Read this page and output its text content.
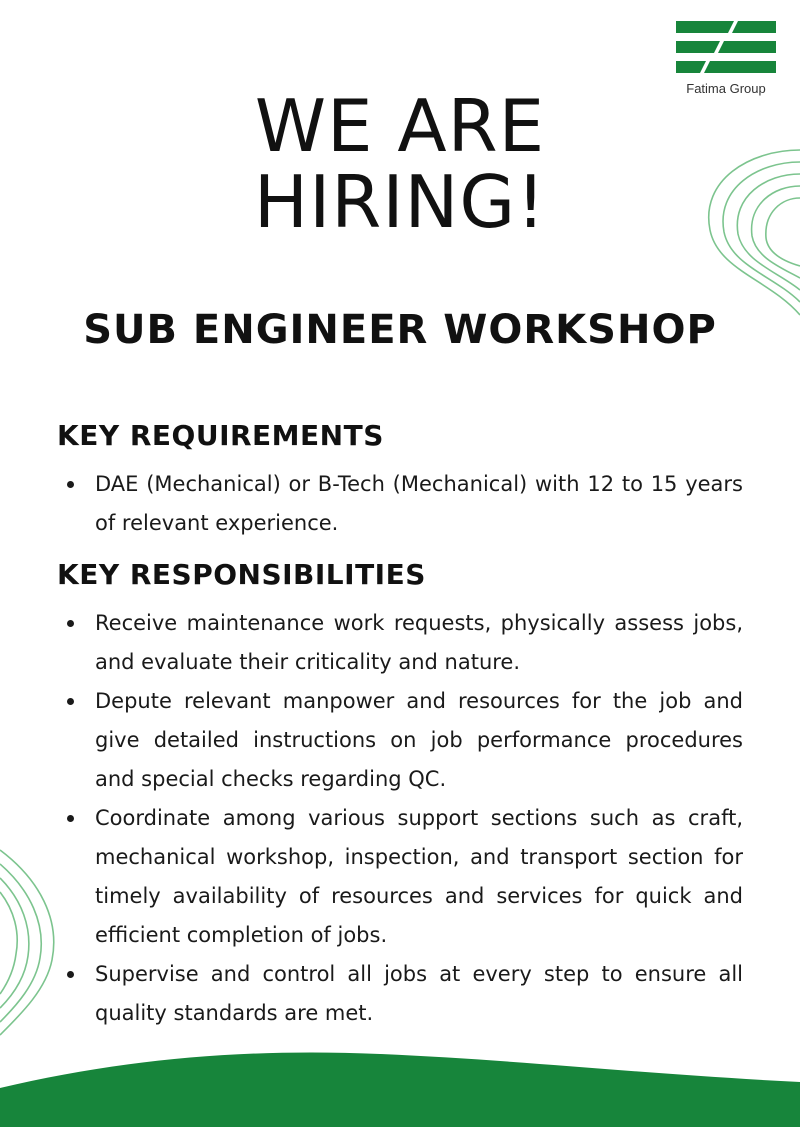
Fatima Group
WE ARE
HIRING!
SUB ENGINEER WORKSHOP
KEY REQUIREMENTS
DAE (Mechanical) or B-Tech (Mechanical) with 12 to 15 years of relevant experience.
KEY RESPONSIBILITIES
Receive maintenance work requests, physically assess jobs, and evaluate their criticality and nature.
Depute relevant manpower and resources for the job and give detailed instructions on job performance procedures and special checks regarding QC.
Coordinate among various support sections such as craft, mechanical workshop, inspection, and transport section for timely availability of resources and services for quick and efficient completion of jobs.
Supervise and control all jobs at every step to ensure all quality standards are met.
